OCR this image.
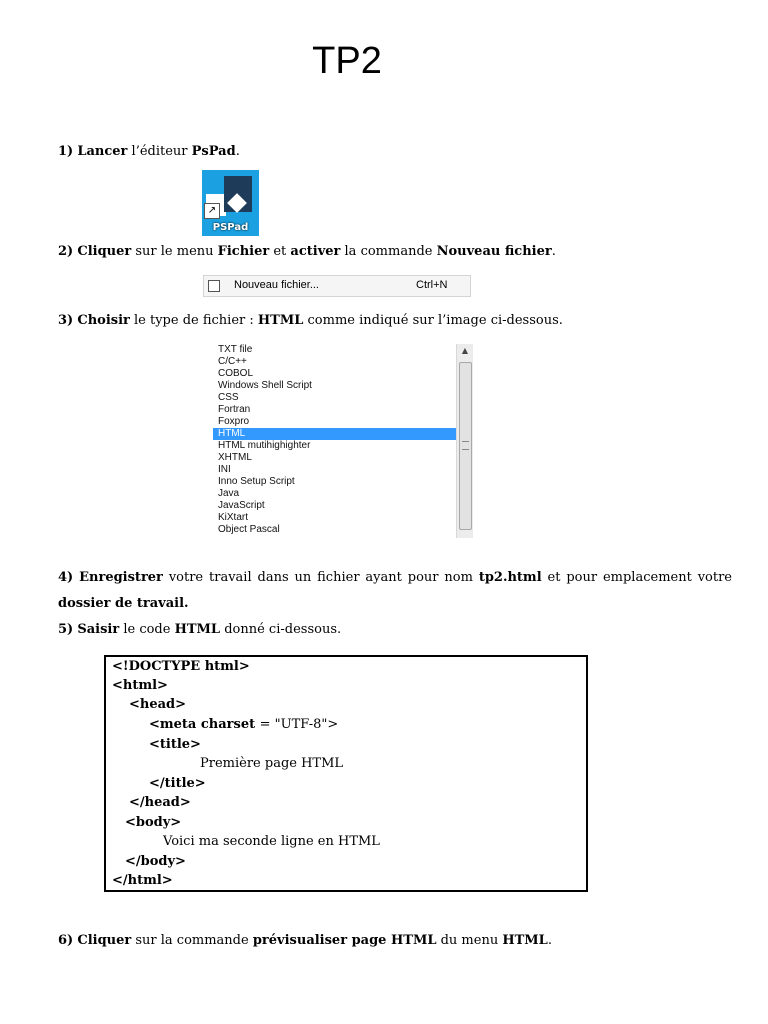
TP2

1) Lancer l’éditeur PsPad.

↗
PSPad

2) Cliquer sur le menu Fichier et activer la commande Nouveau fichier.

Nouveau fichier...	Ctrl+N

3) Choisir le type de fichier : HTML comme indiqué sur l’image ci-dessous.

TXT file
C/C++
COBOL
Windows Shell Script
CSS
Fortran
Foxpro
HTML
HTML mutihighighter
XHTML
INI
Inno Setup Script
Java
JavaScript
KiXtart
Object Pascal
▲

4) Enregistrer votre travail dans un fichier ayant pour nom tp2.html et pour emplacement votre dossier de travail.

5) Saisir le code HTML donné ci-dessous.

<!DOCTYPE html>
<html>
<head>
<meta charset = "UTF-8">
<title>
Première page HTML
</title>
</head>
<body>
Voici ma seconde ligne en HTML
</body>
</html>

6) Cliquer sur la commande prévisualiser page HTML du menu HTML.
